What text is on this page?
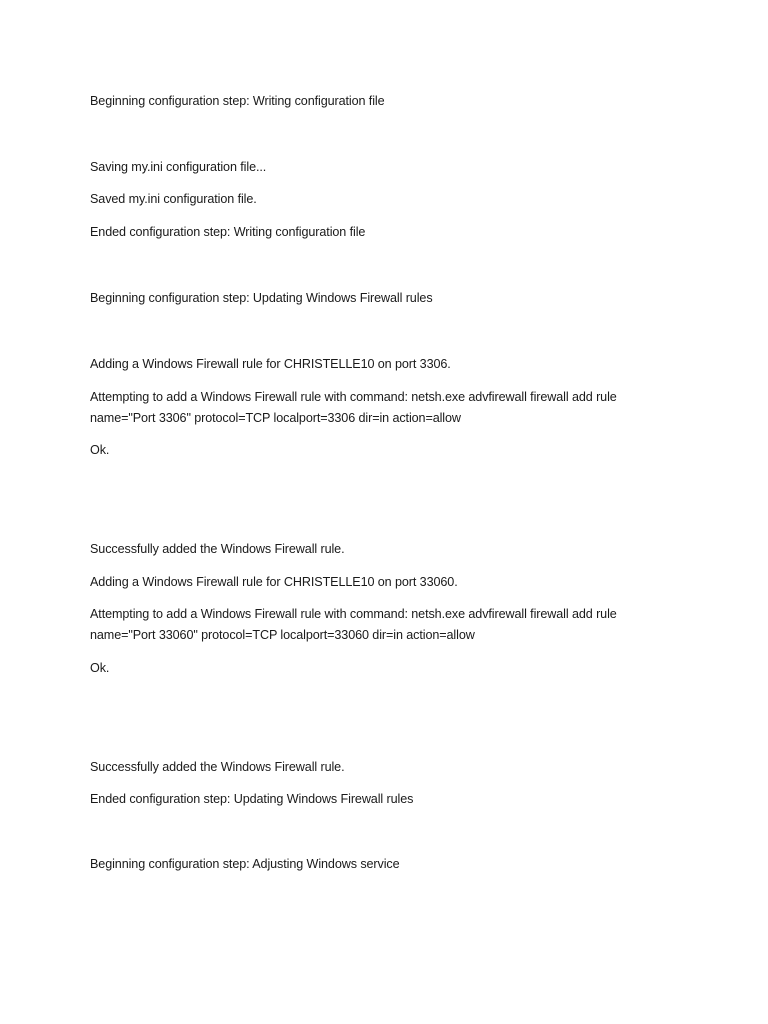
Beginning configuration step: Writing configuration file
Saving my.ini configuration file...
Saved my.ini configuration file.
Ended configuration step: Writing configuration file
Beginning configuration step: Updating Windows Firewall rules
Adding a Windows Firewall rule for CHRISTELLE10 on port 3306.
Attempting to add a Windows Firewall rule with command: netsh.exe advfirewall firewall add rule name="Port 3306" protocol=TCP localport=3306 dir=in action=allow
Ok.
Successfully added the Windows Firewall rule.
Adding a Windows Firewall rule for CHRISTELLE10 on port 33060.
Attempting to add a Windows Firewall rule with command: netsh.exe advfirewall firewall add rule name="Port 33060" protocol=TCP localport=33060 dir=in action=allow
Ok.
Successfully added the Windows Firewall rule.
Ended configuration step: Updating Windows Firewall rules
Beginning configuration step: Adjusting Windows service
